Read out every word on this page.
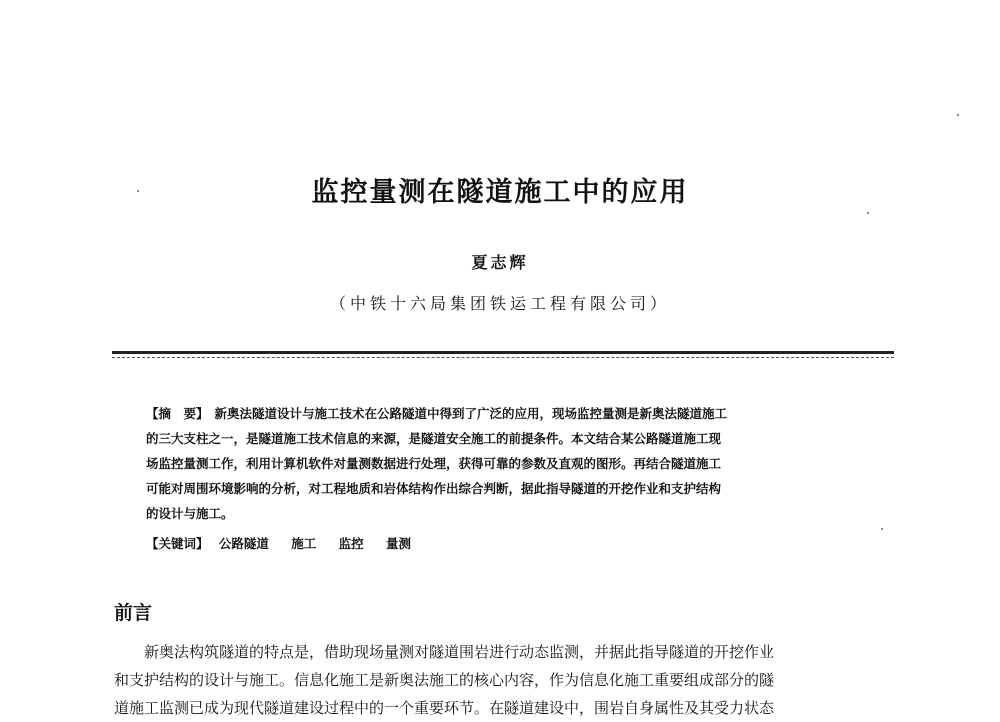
监控量测在隧道施工中的应用
夏志辉
（中铁十六局集团铁运工程有限公司）
【摘　要】 新奥法隧道设计与施工技术在公路隧道中得到了广泛的应用，现场监控量测是新奥法隧道施工
的三大支柱之一，是隧道施工技术信息的来源，是隧道安全施工的前提条件。本文结合某公路隧道施工现
场监控量测工作，利用计算机软件对量测数据进行处理，获得可靠的参数及直观的图形。再结合隧道施工
可能对周围环境影响的分析，对工程地质和岩体结构作出综合判断，据此指导隧道的开挖作业和支护结构
的设计与施工。
【关键词】 公路隧道 施工 监控 量测
前言
新奥法构筑隧道的特点是，借助现场量测对隧道围岩进行动态监测，并据此指导隧道的开挖作业
和支护结构的设计与施工。信息化施工是新奥法施工的核心内容，作为信息化施工重要组成部分的隧
道施工监测已成为现代隧道建设过程中的一个重要环节。在隧道建设中，围岩自身属性及其受力状态
